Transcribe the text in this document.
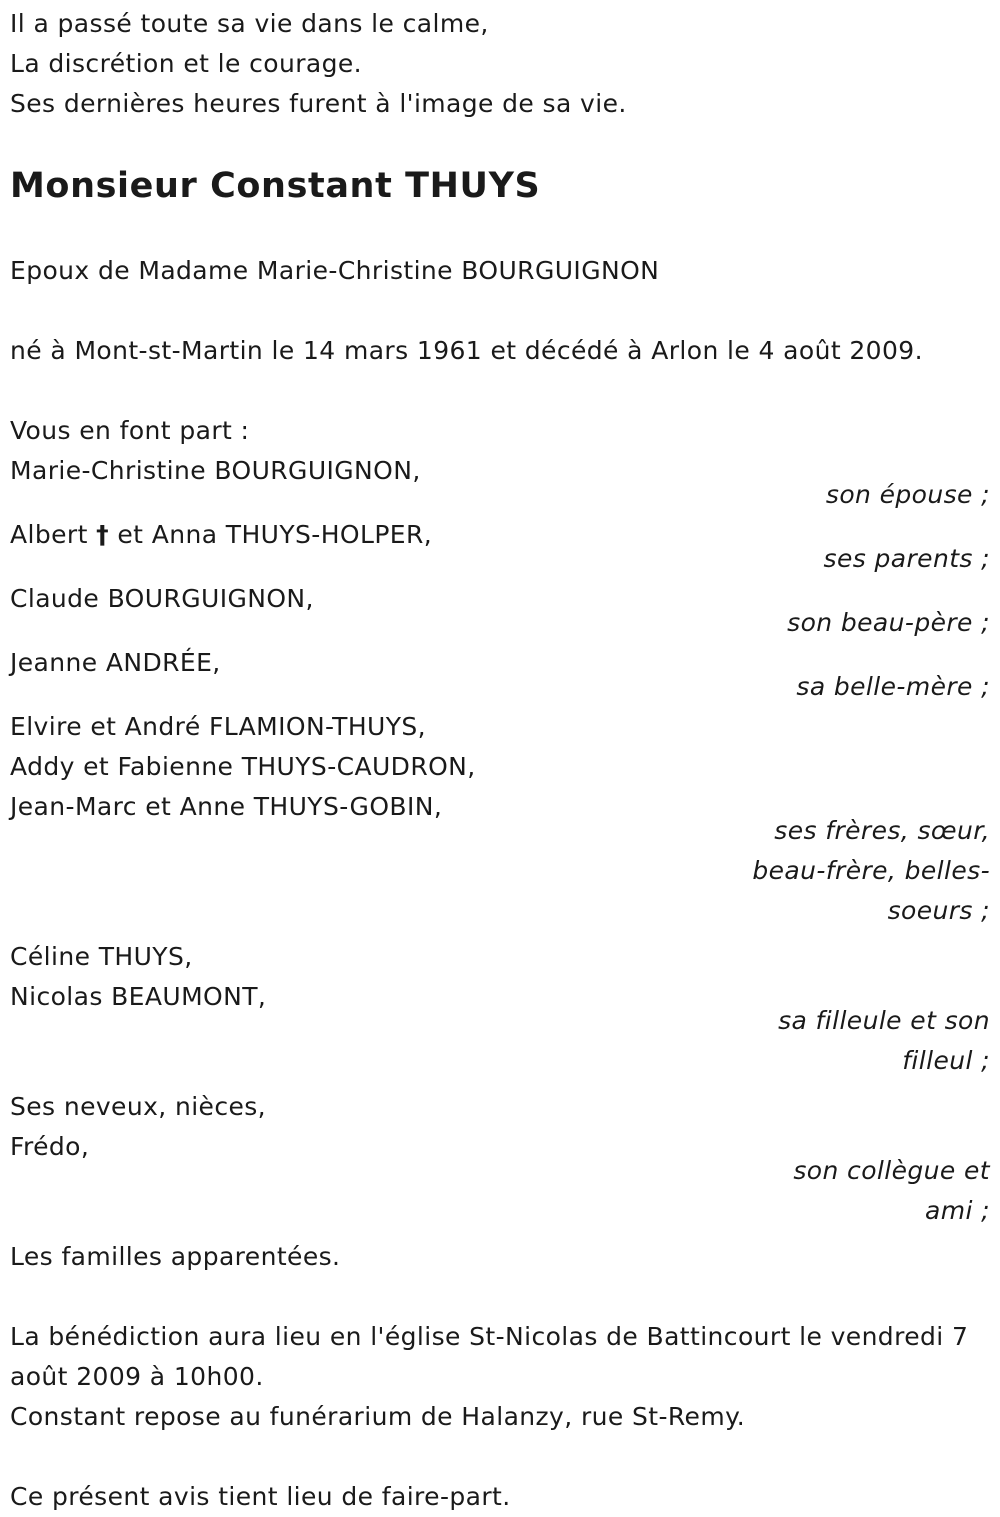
Il a passé toute sa vie dans le calme,
La discrétion et le courage.
Ses dernières heures furent à l'image de sa vie.
Monsieur Constant THUYS
Epoux de Madame Marie-Christine BOURGUIGNON
né à Mont-st-Martin le 14 mars 1961 et décédé à Arlon le 4 août 2009.
Vous en font part :
Marie-Christine BOURGUIGNON,
son épouse ;
Albert † et Anna THUYS-HOLPER,
ses parents ;
Claude BOURGUIGNON,
son beau-père ;
Jeanne ANDRÉE,
sa belle-mère ;
Elvire et André FLAMION-THUYS,
Addy et Fabienne THUYS-CAUDRON,
Jean-Marc et Anne THUYS-GOBIN,
ses frères, sœur, beau-frère, belles-soeurs ;
Céline THUYS,
Nicolas BEAUMONT,
sa filleule et son filleul ;
Ses neveux, nièces,
Frédo,
son collègue et ami ;
Les familles apparentées.
La bénédiction aura lieu en l'église St-Nicolas de Battincourt le vendredi 7 août 2009 à 10h00.
Constant repose au funérarium de Halanzy, rue St-Remy.
Ce présent avis tient lieu de faire-part.
